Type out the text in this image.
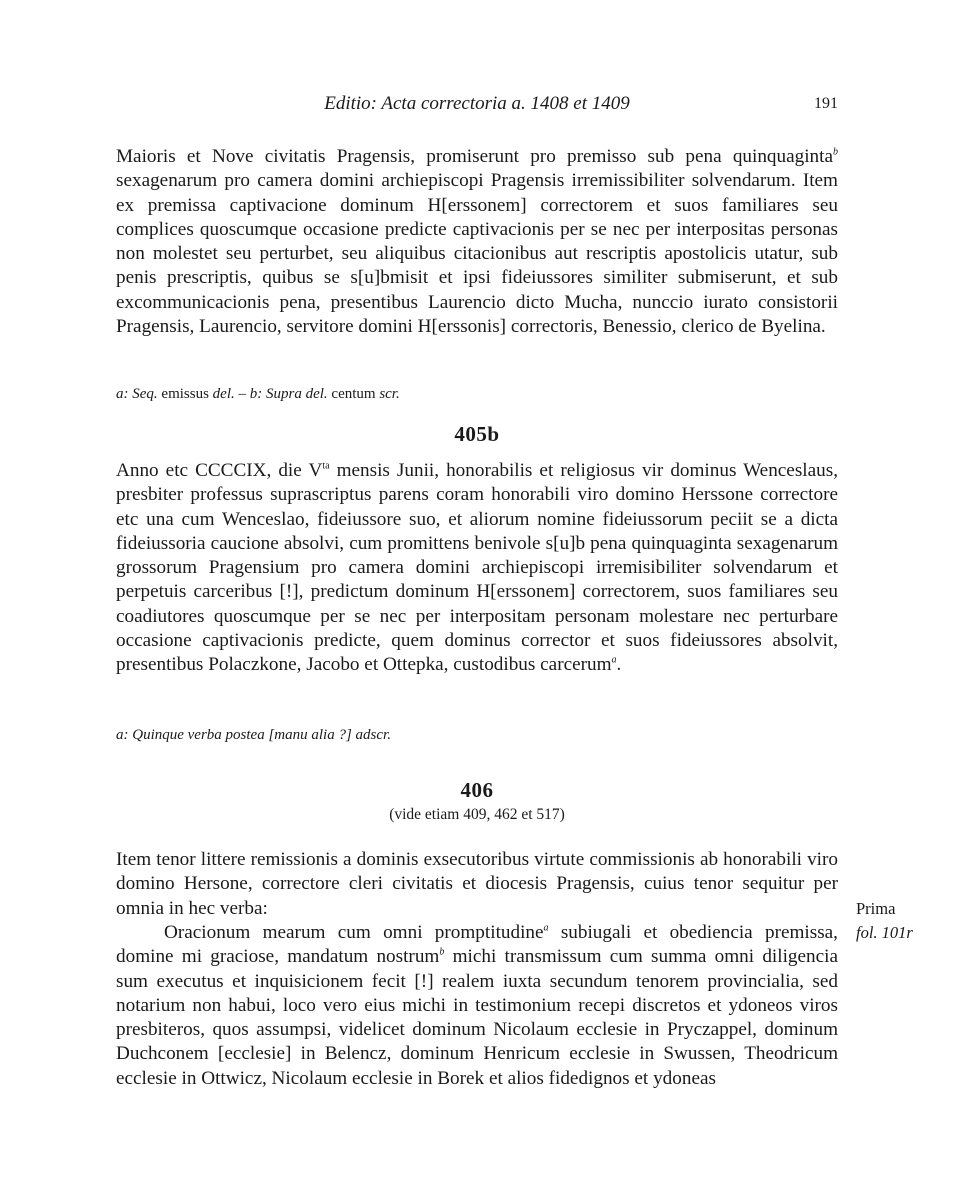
Editio: Acta correctoria a. 1408 et 1409	191

Maioris et Nove civitatis Pragensis, promiserunt pro premisso sub pena quinquaginta$^b$ sexagenarum pro camera domini archiepiscopi Pragensis irremissibiliter solvendarum. Item ex premissa captivacione dominum H[erssonem] correctorem et suos familiares seu complices quoscumque occasione predicte captivacionis per se nec per interpositas personas non molestet seu perturbet, seu aliquibus citacionibus aut rescriptis apostolicis utatur, sub penis prescriptis, quibus se s[u]bmisit et ipsi fideiussores similiter submiserunt, et sub excommunicacionis pena, presentibus Laurencio dicto Mucha, nunccio iurato consistorii Pragensis, Laurencio, servitore domini H[erssonis] correctoris, Benessio, clerico de Byelina.

a: Seq. emissus del. – b: Supra del. centum scr.
405b

Anno etc CCCCIX, die $V^{ta}$ mensis Junii, honorabilis et religiosus vir dominus Wenceslaus, presbiter professus suprascriptus parens coram honorabili viro domino Herssone correctore etc una cum Wenceslao, fideiussore suo, et aliorum nomine fideiussorum peciit se a dicta fideiussoria caucione absolvi, cum promittens benivole s[u]b pena quinquaginta sexagenarum grossorum Pragensium pro camera domini archiepiscopi irremisibiliter solvendarum et perpetuis carceribus [!], predictum dominum H[erssonem] correctorem, suos familiares seu coadiutores quoscumque per se nec per interpositam personam molestare nec perturbare occasione captivacionis predicte, quem dominus corrector et suos fideiussores absolvit, presentibus Polaczkone, Jacobo et Ottepka, custodibus carcerum$^a$.

a: Quinque verba postea [manu alia ?] adscr.
406
(vide etiam 409, 462 et 517)

Item tenor littere remissionis a dominis exsecutoribus virtute commissionis ab honorabili viro domino Hersone, correctore cleri civitatis et diocesis Pragensis, cuius tenor sequitur per omnia in hec verba:

Oracionum mearum cum omni promptitudine$^a$ subiugali et obediencia premissa, domine mi graciose, mandatum nostrum$^b$ michi transmissum cum summa omni diligencia sum executus et inquisicionem fecit [!] realem iuxta secundum tenorem provincialia, sed notarium non habui, loco vero eius michi in testimonium recepi discretos et ydoneos viros presbiteros, quos assumpsi, videlicet dominum Nicolaum ecclesie in Pryczappel, dominum Duchconem [ecclesie] in Belencz, dominum Henricum ecclesie in Swussen, Theodricum ecclesie in Ottwicz, Nicolaum ecclesie in Borek et alios fidedignos et ydoneas

Prima
fol. 101r
